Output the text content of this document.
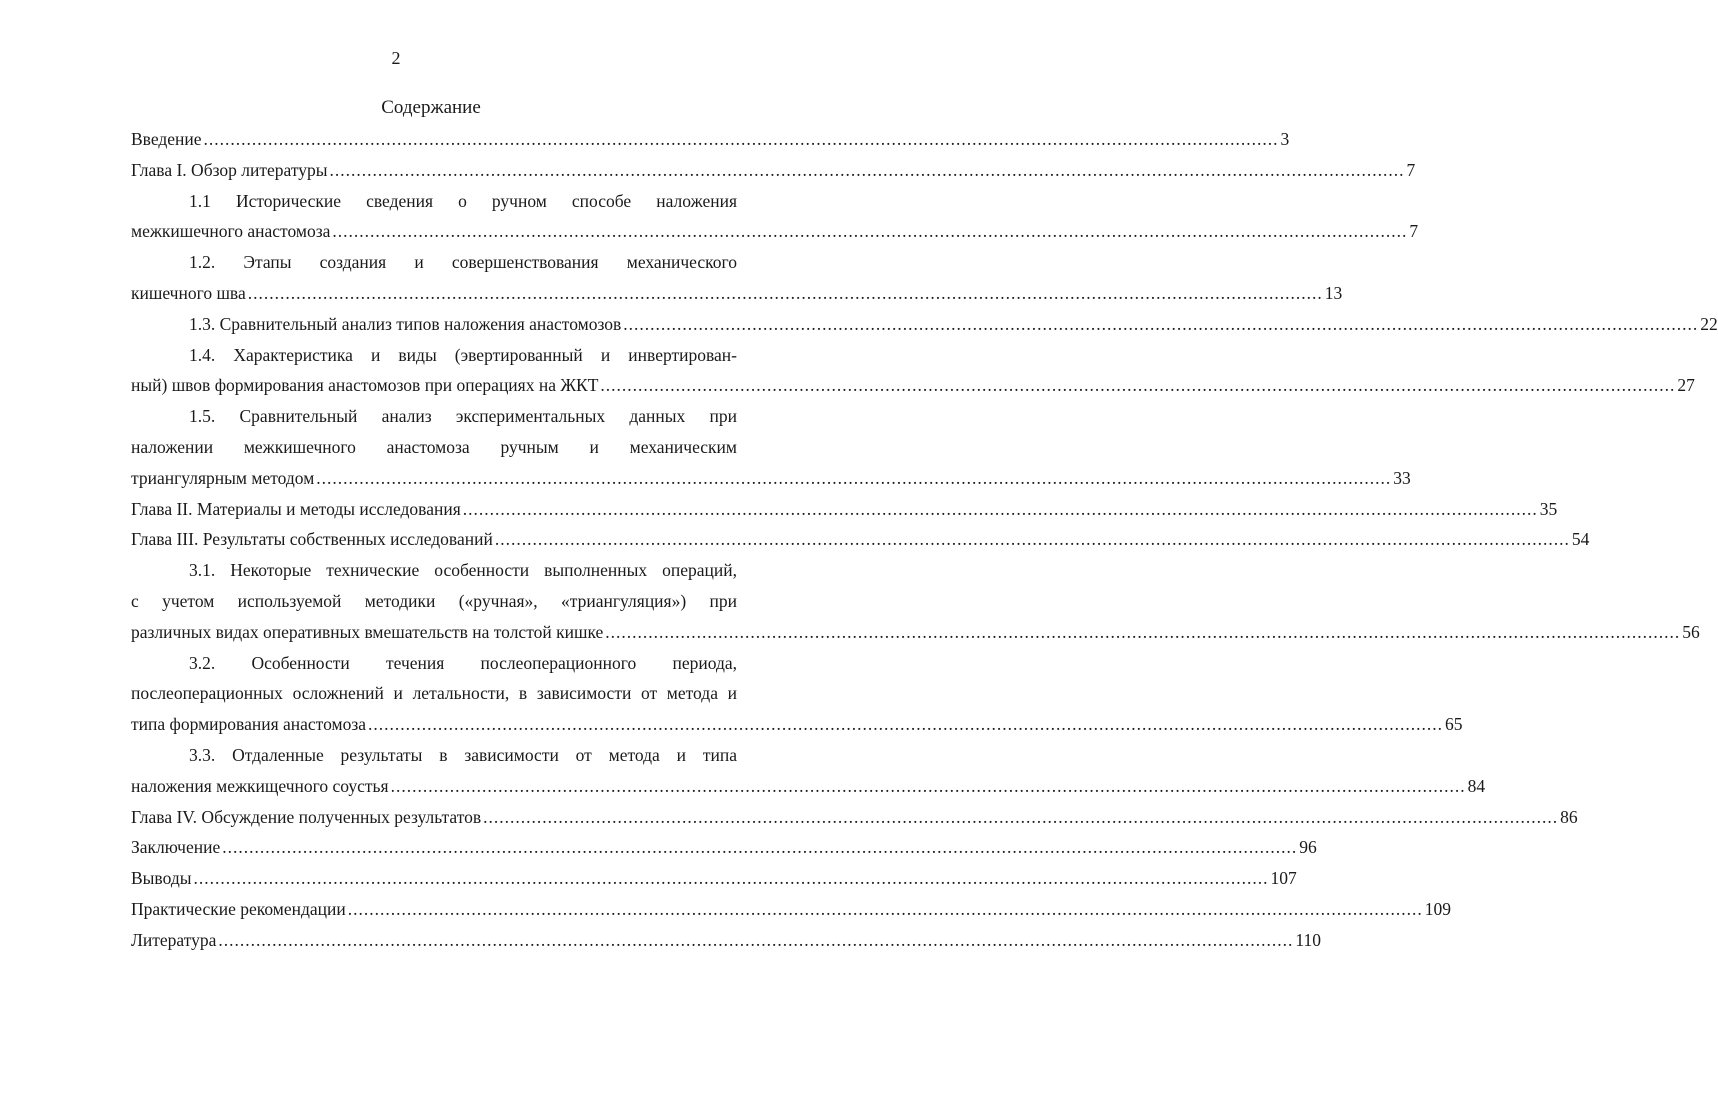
2
Содержание
Введение ........................................................................................................................................................................................................ 3
Глава I. Обзор литературы ........................................................................................................................................................................................................ 7
1.1 Исторические сведения о ручном способе наложения
межкишечного анастомоза ........................................................................................................................................................................................................ 7
1.2. Этапы создания и совершенствования механического
кишечного шва ........................................................................................................................................................................................................ 13
1.3. Сравнительный анализ типов наложения анастомозов ........................................................................................................................................................................................................ 22
1.4. Характеристика и виды (эвертированный и инвертирован-
ный) швов формирования анастомозов при операциях на ЖКТ ........................................................................................................................................................................................................ 27
1.5. Сравнительный анализ экспериментальных данных при
наложении межкишечного анастомоза ручным и механическим
триангулярным методом ........................................................................................................................................................................................................ 33
Глава II. Материалы и методы исследования ........................................................................................................................................................................................................ 35
Глава III. Результаты собственных исследований ........................................................................................................................................................................................................ 54
3.1. Некоторые технические особенности выполненных операций,
с учетом используемой методики («ручная», «триангуляция») при
различных видах оперативных вмешательств на толстой кишке ........................................................................................................................................................................................................ 56
3.2. Особенности течения послеоперационного периода,
послеоперационных осложнений и летальности, в зависимости от метода и
типа формирования анастомоза ........................................................................................................................................................................................................ 65
3.3. Отдаленные результаты в зависимости от метода и типа
наложения межкищечного соустья ........................................................................................................................................................................................................ 84
Глава IV. Обсуждение полученных результатов ........................................................................................................................................................................................................ 86
Заключение ........................................................................................................................................................................................................ 96
Выводы ........................................................................................................................................................................................................ 107
Практические рекомендации ........................................................................................................................................................................................................ 109
Литература ........................................................................................................................................................................................................ 110
